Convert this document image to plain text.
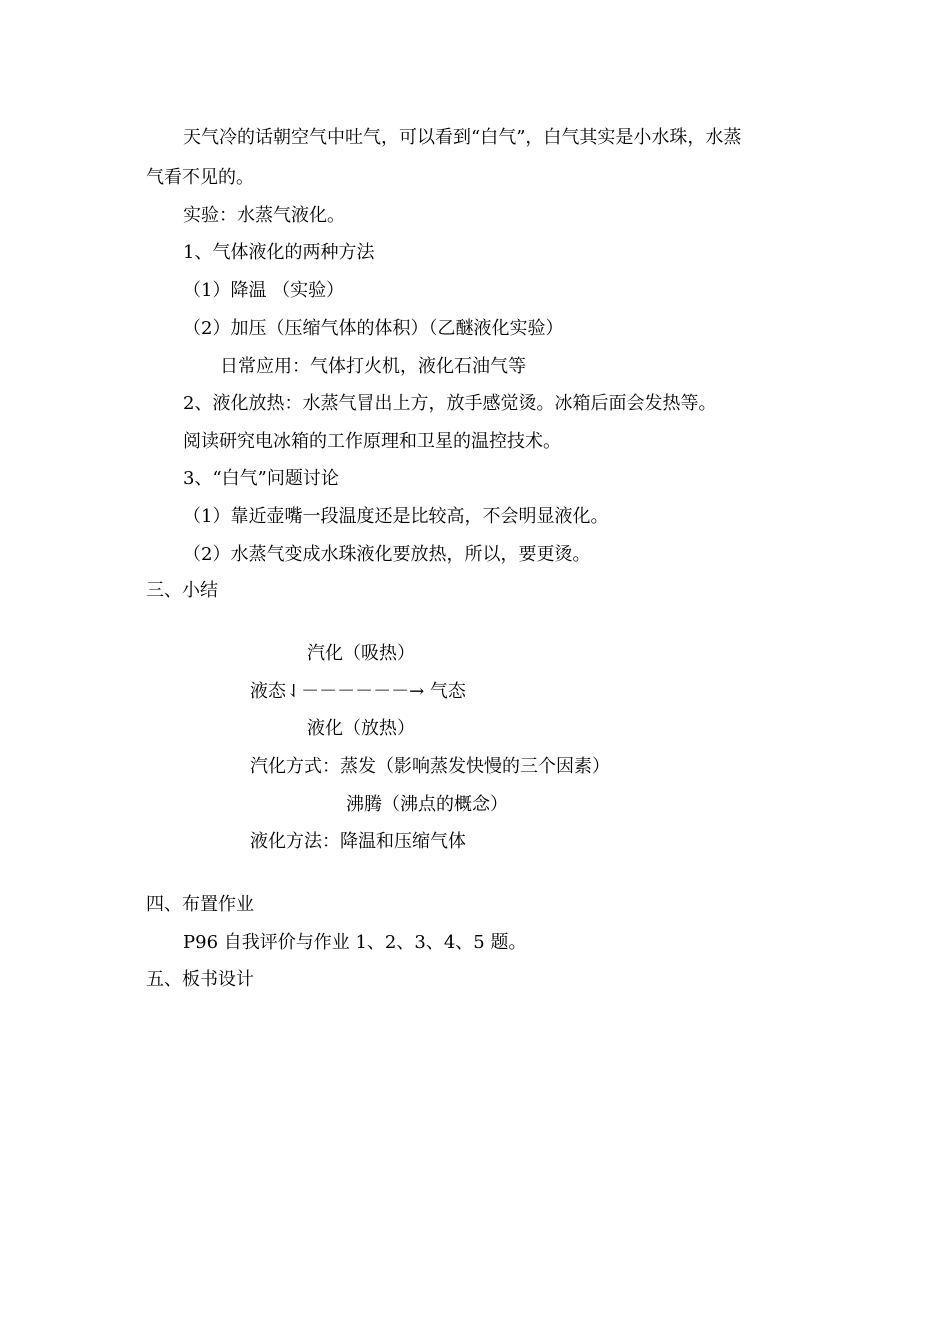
天气冷的话朝空气中吐气，可以看到“白气”，白气其实是小水珠，水蒸
气看不见的。
实验：水蒸气液化。
1、气体液化的两种方法
（1）降温 （实验）
（2）加压（压缩气体的体积）（乙醚液化实验）
日常应用：气体打火机，液化石油气等
2、液化放热：水蒸气冒出上方，放手感觉烫。冰箱后面会发热等。
阅读研究电冰箱的工作原理和卫星的温控技术。
3、“白气”问题讨论
（1）靠近壶嘴一段温度还是比较高，不会明显液化。
（2）水蒸气变成水珠液化要放热，所以，要更烫。
三、小结
汽化（吸热）
液态⇃－－－－－－→ 气态
液化（放热）
汽化方式：蒸发（影响蒸发快慢的三个因素）
沸腾（沸点的概念）
液化方法：降温和压缩气体
四、布置作业
P96 自我评价与作业 1、2、3、4、5 题。
五、板书设计
